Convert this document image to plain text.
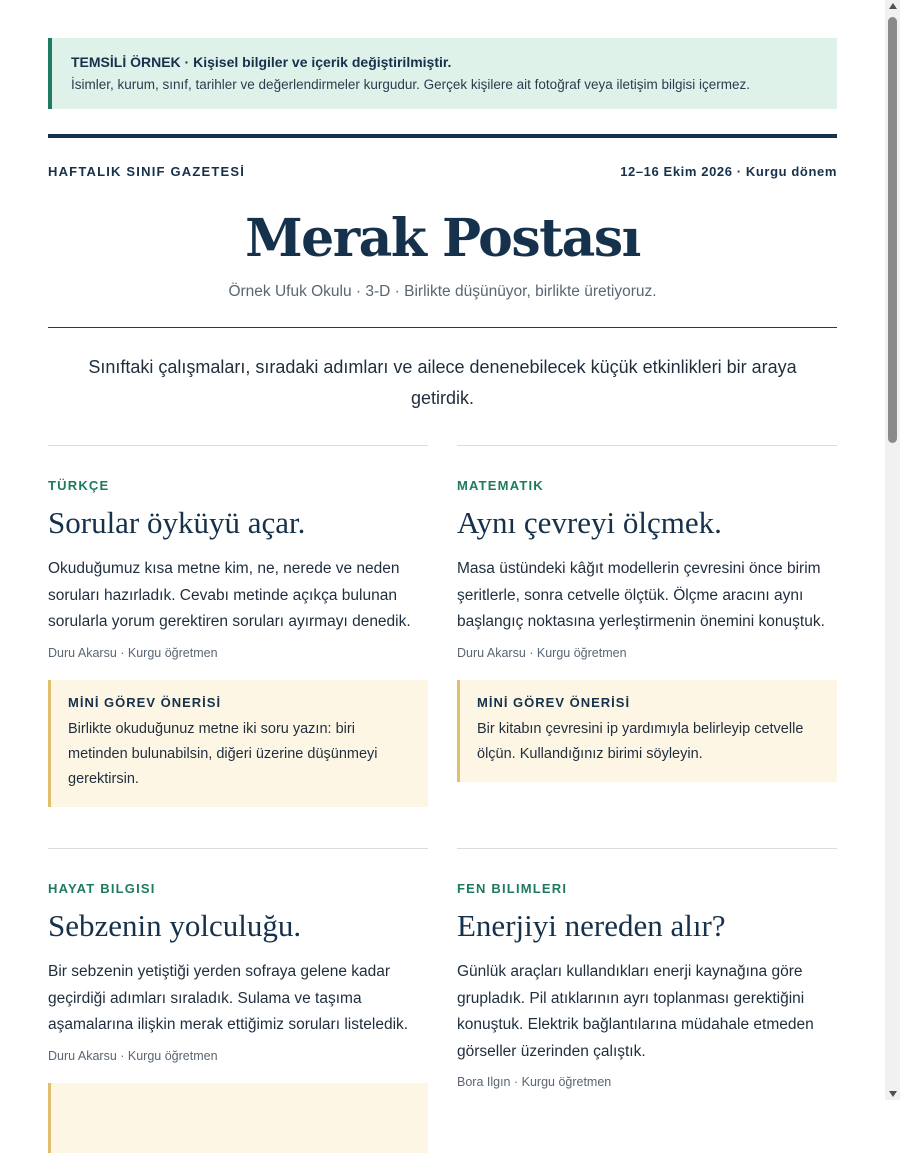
TEMSİLİ ÖRNEK · Kişisel bilgiler ve içerik değiştirilmiştir.
İsimler, kurum, sınıf, tarihler ve değerlendirmeler kurgudur. Gerçek kişilere ait fotoğraf veya iletişim bilgisi içermez.
HAFTALIK SINIF GAZETESİ	12–16 Ekim 2026 · Kurgu dönem
Merak Postası
Örnek Ufuk Okulu · 3-D · Birlikte düşünüyor, birlikte üretiyoruz.
Sınıftaki çalışmaları, sıradaki adımları ve ailece denenebilecek küçük etkinlikleri bir araya getirdik.
TÜRKÇE
Sorular öyküyü açar.
Okuduğumuz kısa metne kim, ne, nerede ve neden soruları hazırladık. Cevabı metinde açıkça bulunan sorularla yorum gerektiren soruları ayırmayı denedik.
Duru Akarsu · Kurgu öğretmen
MİNİ GÖREV ÖNERİSİ
Birlikte okuduğunuz metne iki soru yazın: biri metinden bulunabilsin, diğeri üzerine düşünmeyi gerektirsin.
MATEMATIK
Aynı çevreyi ölçmek.
Masa üstündeki kâğıt modellerin çevresini önce birim şeritlerle, sonra cetvelle ölçtük. Ölçme aracını aynı başlangıç noktasına yerleştirmenin önemini konuştuk.
Duru Akarsu · Kurgu öğretmen
MİNİ GÖREV ÖNERİSİ
Bir kitabın çevresini ip yardımıyla belirleyip cetvelle ölçün. Kullandığınız birimi söyleyin.
HAYAT BILGISI
Sebzenin yolculuğu.
Bir sebzenin yetiştiği yerden sofraya gelene kadar geçirdiği adımları sıraladık. Sulama ve taşıma aşamalarına ilişkin merak ettiğimiz soruları listeledik.
Duru Akarsu · Kurgu öğretmen
FEN BILIMLERI
Enerjiyi nereden alır?
Günlük araçları kullandıkları enerji kaynağına göre grupladık. Pil atıklarının ayrı toplanması gerektiğini konuştuk. Elektrik bağlantılarına müdahale etmeden görseller üzerinden çalıştık.
Bora Ilgın · Kurgu öğretmen
